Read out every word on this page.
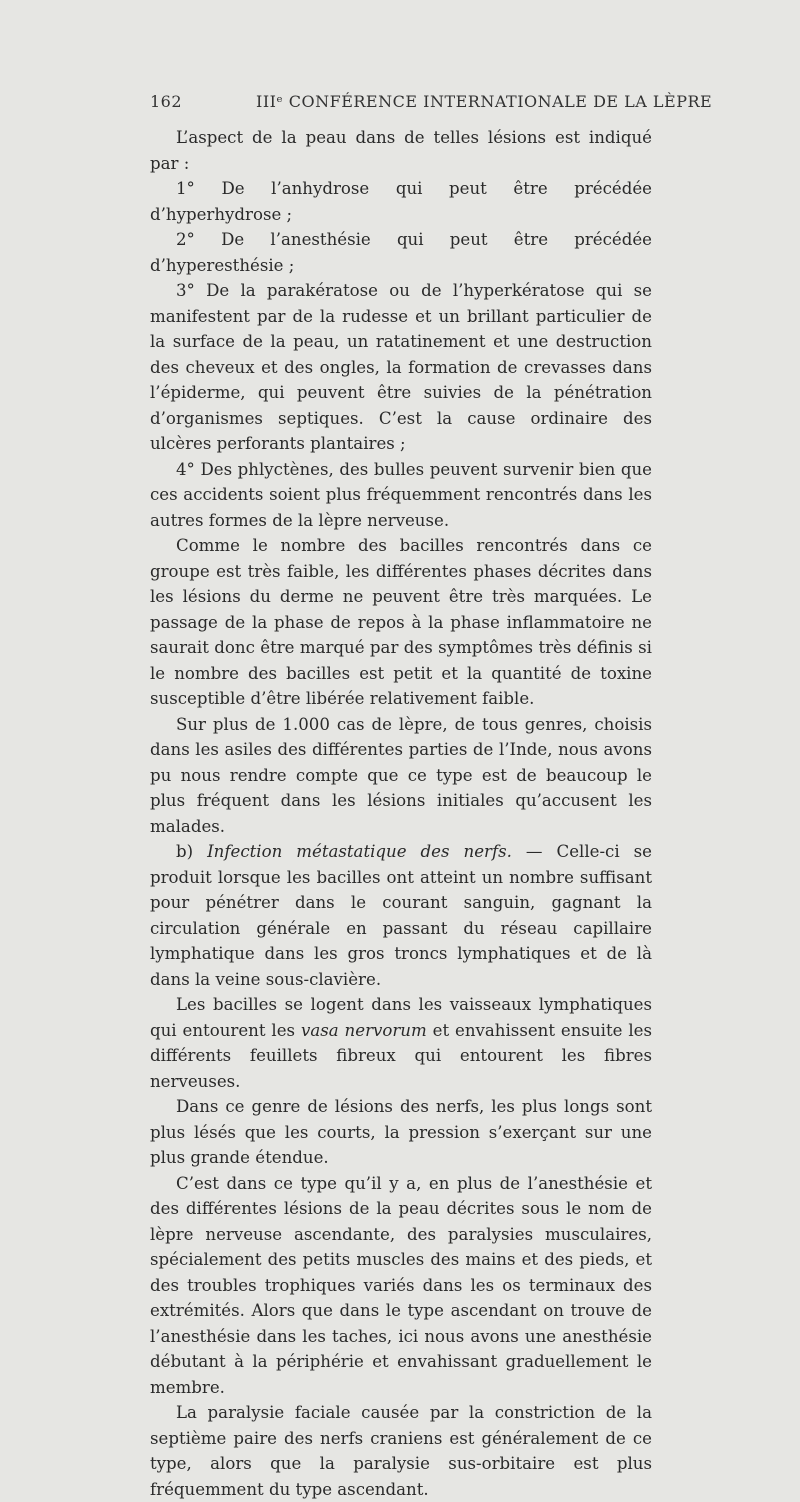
162	IIIᵉ CONFÉRENCE INTERNATIONALE DE LA LÈPRE

L’aspect de la peau dans de telles lésions est indiqué par :

1° De l’anhydrose qui peut être précédée d’hyperhydrose ;

2° De l’anesthésie qui peut être précédée d’hyperesthésie ;

3° De la parakératose ou de l’hyperkératose qui se manifestent par de la rudesse et un brillant particulier de la surface de la peau, un ratatinement et une destruction des cheveux et des ongles, la formation de crevasses dans l’épiderme, qui peuvent être suivies de la pénétration d’organismes septiques. C’est la cause ordinaire des ulcères perforants plantaires ;

4° Des phlyctènes, des bulles peuvent survenir bien que ces accidents soient plus fréquemment rencontrés dans les autres formes de la lèpre nerveuse.

Comme le nombre des bacilles rencontrés dans ce groupe est très faible, les différentes phases décrites dans les lésions du derme ne peuvent être très marquées. Le passage de la phase de repos à la phase inflammatoire ne saurait donc être marqué par des symptômes très définis si le nombre des bacilles est petit et la quantité de toxine susceptible d’être libérée relativement faible.

Sur plus de 1.000 cas de lèpre, de tous genres, choisis dans les asiles des différentes parties de l’Inde, nous avons pu nous rendre compte que ce type est de beaucoup le plus fréquent dans les lésions initiales qu’accusent les malades.

b) Infection métastatique des nerfs. — Celle-ci se produit lorsque les bacilles ont atteint un nombre suffisant pour pénétrer dans le courant sanguin, gagnant la circulation générale en passant du réseau capillaire lymphatique dans les gros troncs lymphatiques et de là dans la veine sous-clavière.

Les bacilles se logent dans les vaisseaux lymphatiques qui entourent les vasa nervorum et envahissent ensuite les différents feuillets fibreux qui entourent les fibres nerveuses.

Dans ce genre de lésions des nerfs, les plus longs sont plus lésés que les courts, la pression s’exerçant sur une plus grande étendue.

C’est dans ce type qu’il y a, en plus de l’anesthésie et des différentes lésions de la peau décrites sous le nom de lèpre nerveuse ascendante, des paralysies musculaires, spécialement des petits muscles des mains et des pieds, et des troubles trophiques variés dans les os terminaux des extrémités. Alors que dans le type ascendant on trouve de l’anesthésie dans les taches, ici nous avons une anesthésie débutant à la périphérie et envahissant graduellement le membre.

La paralysie faciale causée par la constriction de la septième paire des nerfs craniens est généralement de ce type, alors que la paralysie sus-orbitaire est plus fréquemment du type ascendant.
